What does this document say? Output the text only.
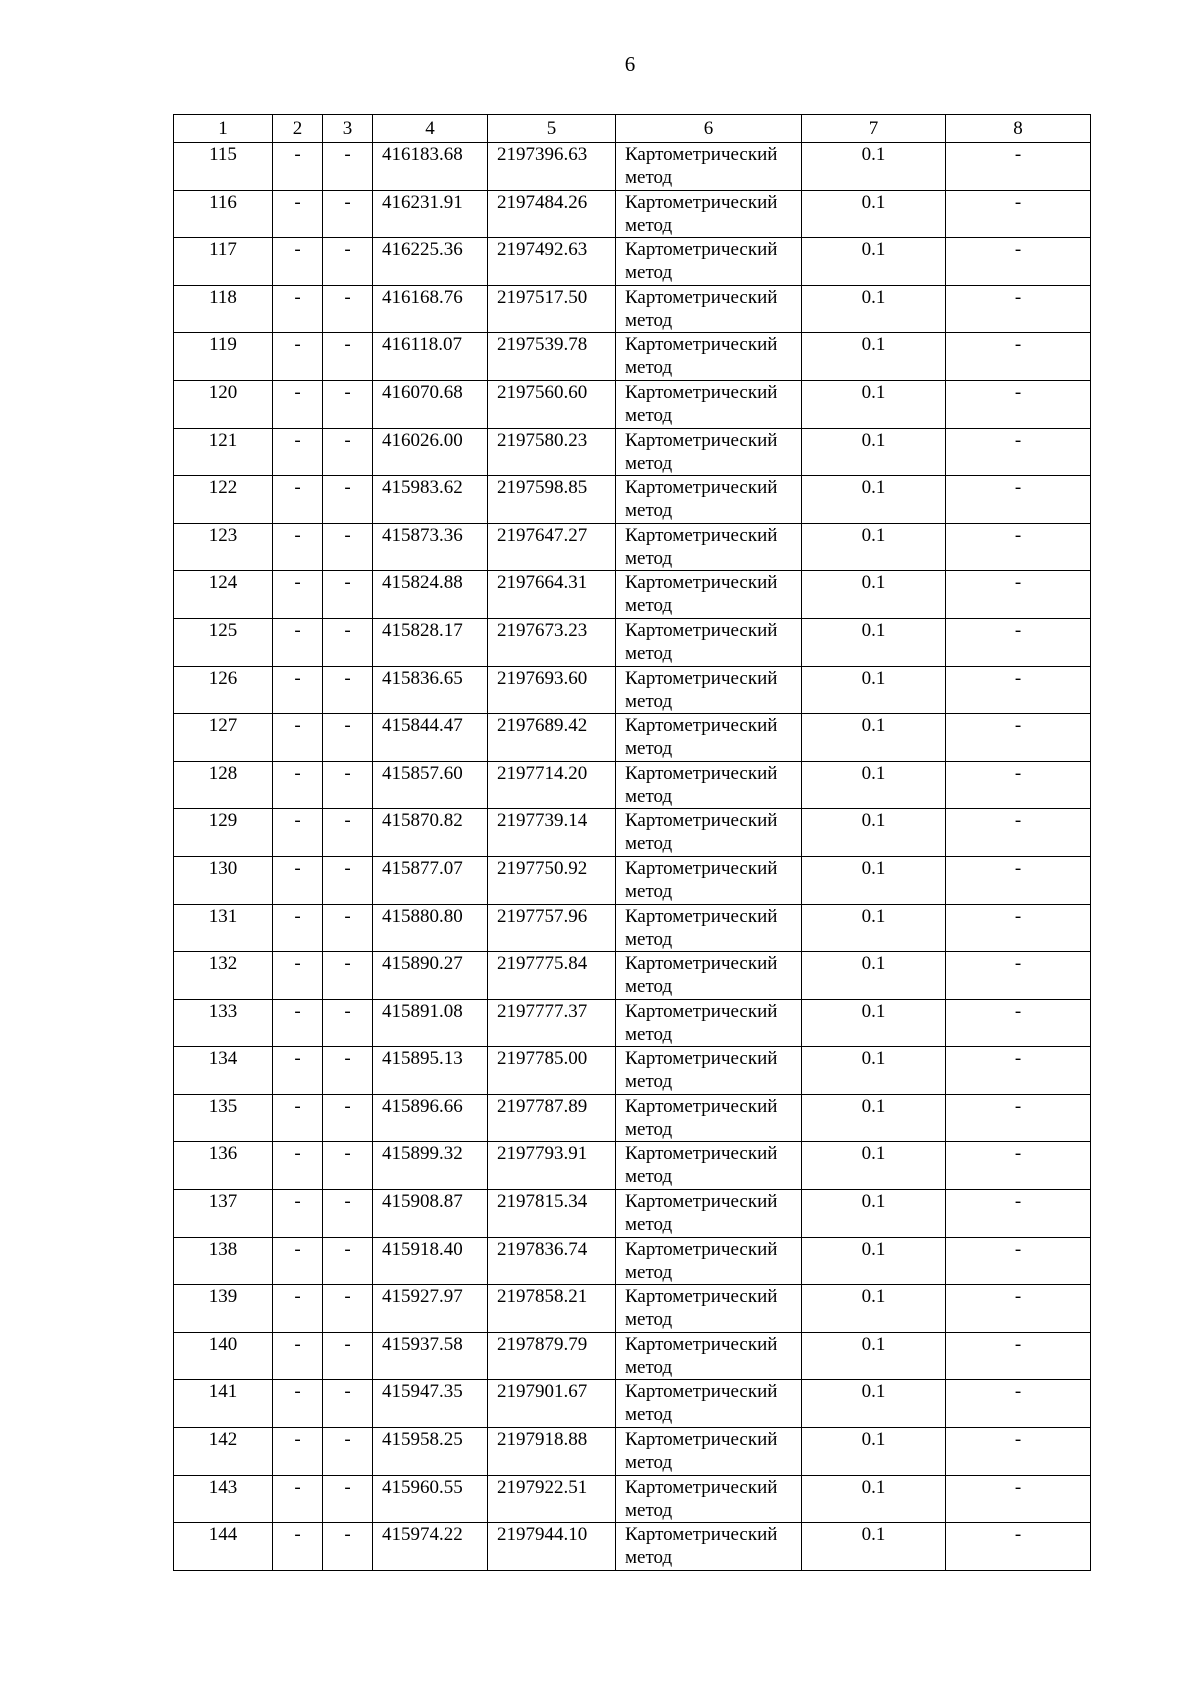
6
1	2	3	4	5	6	7	8
115	-	-	416183.68	2197396.63	Картометрический метод	0.1	-
116	-	-	416231.91	2197484.26	Картометрический метод	0.1	-
117	-	-	416225.36	2197492.63	Картометрический метод	0.1	-
118	-	-	416168.76	2197517.50	Картометрический метод	0.1	-
119	-	-	416118.07	2197539.78	Картометрический метод	0.1	-
120	-	-	416070.68	2197560.60	Картометрический метод	0.1	-
121	-	-	416026.00	2197580.23	Картометрический метод	0.1	-
122	-	-	415983.62	2197598.85	Картометрический метод	0.1	-
123	-	-	415873.36	2197647.27	Картометрический метод	0.1	-
124	-	-	415824.88	2197664.31	Картометрический метод	0.1	-
125	-	-	415828.17	2197673.23	Картометрический метод	0.1	-
126	-	-	415836.65	2197693.60	Картометрический метод	0.1	-
127	-	-	415844.47	2197689.42	Картометрический метод	0.1	-
128	-	-	415857.60	2197714.20	Картометрический метод	0.1	-
129	-	-	415870.82	2197739.14	Картометрический метод	0.1	-
130	-	-	415877.07	2197750.92	Картометрический метод	0.1	-
131	-	-	415880.80	2197757.96	Картометрический метод	0.1	-
132	-	-	415890.27	2197775.84	Картометрический метод	0.1	-
133	-	-	415891.08	2197777.37	Картометрический метод	0.1	-
134	-	-	415895.13	2197785.00	Картометрический метод	0.1	-
135	-	-	415896.66	2197787.89	Картометрический метод	0.1	-
136	-	-	415899.32	2197793.91	Картометрический метод	0.1	-
137	-	-	415908.87	2197815.34	Картометрический метод	0.1	-
138	-	-	415918.40	2197836.74	Картометрический метод	0.1	-
139	-	-	415927.97	2197858.21	Картометрический метод	0.1	-
140	-	-	415937.58	2197879.79	Картометрический метод	0.1	-
141	-	-	415947.35	2197901.67	Картометрический метод	0.1	-
142	-	-	415958.25	2197918.88	Картометрический метод	0.1	-
143	-	-	415960.55	2197922.51	Картометрический метод	0.1	-
144	-	-	415974.22	2197944.10	Картометрический метод	0.1	-
